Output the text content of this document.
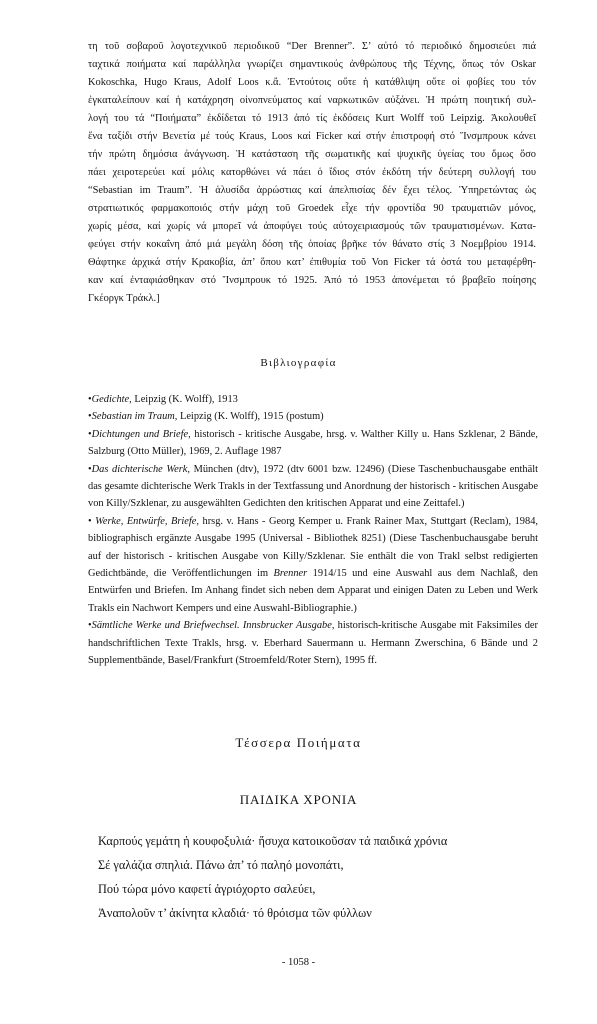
τη τοῦ σοβαροῦ λογοτεχνικοῦ περιοδικοῦ “Der Brenner”. Σ’ αὐτό τό περιοδικό δημοσιεύει πιά
ταχτικά ποιήματα καί παράλληλα γνωρίζει σημαντικούς ἀνθρώπους τῆς Τέχνης, ὅπως τόν Oskar
Kokoschka, Hugo Kraus, Adolf Loos κ.ἄ. Ἐντούτοις οὔτε ἡ κατάθλιψη οὔτε οἱ φοβίες του τόν
ἐγκαταλείπουν καί ἡ κατάχρηση οἰνοπνεύματος καί ναρκωτικῶν αὐξάνει. Ἡ πρώτη ποιητική συλ-
λογή του τά “Ποιήματα” ἐκδίδεται τό 1913 ἀπό τίς ἐκδόσεις Kurt Wolff τοῦ Leipzig. Ἀκολουθεῖ
ἕνα ταξίδι στήν Βενετία μέ τούς Kraus, Loos καί Ficker καί στήν ἐπιστροφή στό Ἴνσμπρουκ κάνει
τήν πρώτη δημόσια ἀνάγνωση. Ἡ κατάσταση τῆς σωματικῆς καί ψυχικῆς ὑγείας του ὅμως ὅσο
πάει χειροτερεύει καί μόλις κατορθώνει νά πάει ὁ ἴδιος στόν ἐκδότη τήν δεύτερη συλλογή του
“Sebastian im Traum”. Ἡ ἁλυσίδα ἀρρώστιας καί ἀπελπισίας δέν ἔχει τέλος. Ὑπηρετώντας ὡς
στρατιωτικός φαρμακοποιός στήν μάχη τοῦ Groedek εἶχε τήν φροντίδα 90 τραυματιῶν μόνος,
χωρίς μέσα, καί χωρίς νά μπορεῖ νά ἀποφύγει τούς αὐτοχειριασμούς τῶν τραυματισμένων. Κατα-
φεύγει στήν κοκαΐνη ἀπό μιά μεγάλη δόση τῆς ὁποίας βρῆκε τόν θάνατο στίς 3 Νοεμβρίου 1914.
Θάφτηκε ἀρχικά στήν Κρακοβία, ἀπ’ ὅπου κατ’ ἐπιθυμία τοῦ Von Ficker τά ὀστά του μεταφέρθη-
καν καί ἐνταφιάσθηκαν στό Ἴνσμπρουκ τό 1925. Ἀπό τό 1953 ἀπονέμεται τό βραβεῖο ποίησης
Γκέοργκ Τράκλ.]
Βιβλιογραφία
•Gedichte, Leipzig (K. Wolff), 1913
•Sebastian im Traum, Leipzig (K. Wolff), 1915 (postum)
•Dichtungen und Briefe, historisch - kritische Ausgabe, hrsg. v. Walther Killy u. Hans Szklenar, 2 Bände, Salzburg (Otto Müller), 1969, 2. Auflage 1987
•Das dichterische Werk, München (dtv), 1972 (dtv 6001 bzw. 12496) (Diese Taschenbuchausgabe enthält das gesamte dichterische Werk Trakls in der Textfassung und Anordnung der historisch - kritischen Ausgabe von Killy/Szklenar, zu ausgewählten Gedichten den kritischen Apparat und eine Zeittafel.)
• Werke, Entwürfe, Briefe, hrsg. v. Hans - Georg Kemper u. Frank Rainer Max, Stuttgart (Reclam), 1984, bibliographisch ergänzte Ausgabe 1995 (Universal - Bibliothek 8251) (Diese Taschenbuchausgabe beruht auf der historisch - kritischen Ausgabe von Killy/Szklenar. Sie enthält die von Trakl selbst redigierten Gedichtbände, die Veröffentlichungen im Brenner 1914/15 und eine Auswahl aus dem Nachlaß, den Entwürfen und Briefen. Im Anhang findet sich neben dem Apparat und einigen Daten zu Leben und Werk Trakls ein Nachwort Kempers und eine Auswahl-Bibliographie.)
•Sämtliche Werke und Briefwechsel. Innsbrucker Ausgabe, historisch-kritische Ausgabe mit Faksimiles der handschriftlichen Texte Trakls, hrsg. v. Eberhard Sauermann u. Hermann Zwerschina, 6 Bände und 2 Supplementbände, Basel/Frankfurt (Stroemfeld/Roter Stern), 1995 ff.
Τέσσερα Ποιήματα
ΠΑΙΔΙΚΑ ΧΡΟΝΙΑ
Καρπούς γεμάτη ἡ κουφοξυλιά· ἥσυχα κατοικοῦσαν τά παιδικά χρόνια
Σέ γαλάζια σπηλιά. Πάνω ἀπ’ τό παληό μονοπάτι,
Πού τώρα μόνο καφετί ἀγριόχορτο σαλεύει,
Ἀναπολοῦν τ’ ἀκίνητα κλαδιά· τό θρόισμα τῶν φύλλων
- 1058 -
